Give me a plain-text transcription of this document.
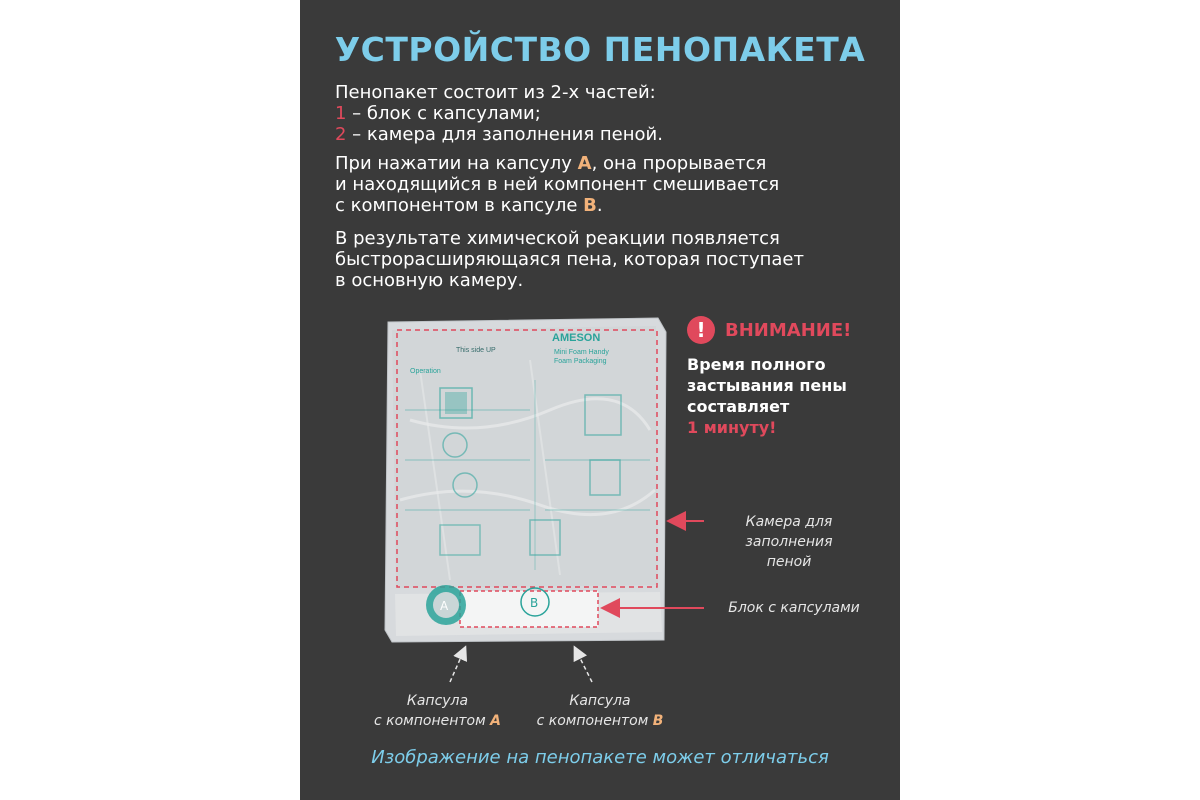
УСТРОЙСТВО ПЕНОПАКЕТА
Пенопакет состоит из 2-х частей:
1 – блок с капсулами;
2 – камера для заполнения пеной.
При нажатии на капсулу А, она прорывается
и находящийся в ней компонент смешивается
с компонентом в капсуле В.
В результате химической реакции появляется
быстрорасширяющаяся пена, которая поступает
в основную камеру.
AMESON
Mini Foam Handy
Foam Packaging
This side UP
Operation
A	B
!	ВНИМАНИЕ!
Время полного
застывания пены
составляет
1 минуту!
Камера для
заполнения
пеной
Блок с капсулами
Капсула
с компонентом А
Капсула
с компонентом В
Изображение на пенопакете может отличаться
